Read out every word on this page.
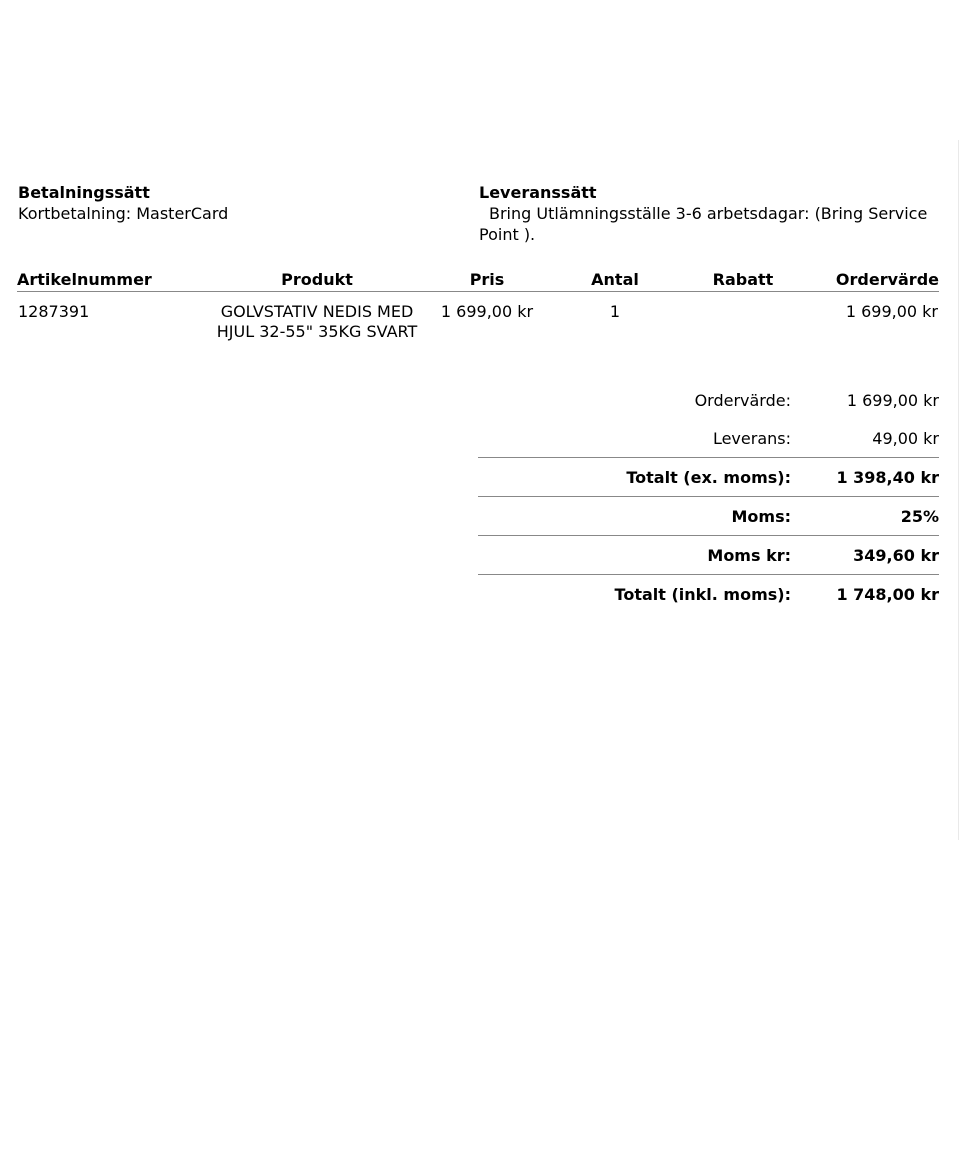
Betalningssätt
Kortbetalning: MasterCard
Leveranssätt
Bring Utlämningsställe 3-6 arbetsdagar: (Bring Service
Point ).
Artikelnummer	Produkt	Pris	Antal	Rabatt	Ordervärde
1287391	GOLVSTATIV NEDIS MED HJUL 32-55" 35KG SVART	1 699,00 kr	1		1 699,00 kr
Ordervärde:	1 699,00 kr
Leverans:	49,00 kr
Totalt (ex. moms):	1 398,40 kr
Moms:	25%
Moms kr:	349,60 kr
Totalt (inkl. moms):	1 748,00 kr
